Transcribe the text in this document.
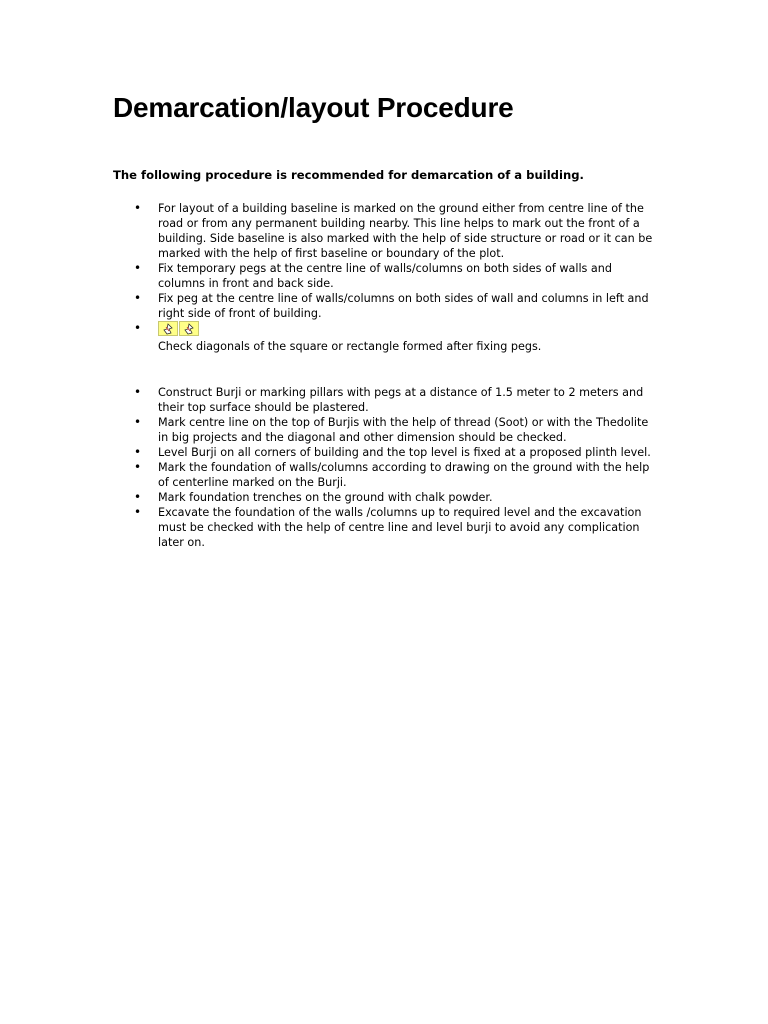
Demarcation/layout Procedure

The following procedure is recommended for demarcation of a building.

• For layout of a building baseline is marked on the ground either from centre line of the road or from any permanent building nearby. This line helps to mark out the front of a building. Side baseline is also marked with the help of side structure or road or it can be marked with the help of first baseline or boundary of the plot.
• Fix temporary pegs at the centre line of walls/columns on both sides of walls and columns in front and back side.
• Fix peg at the centre line of walls/columns on both sides of wall and columns in left and right side of front of building.
•
Check diagonals of the square or rectangle formed after fixing pegs.
• Construct Burji or marking pillars with pegs at a distance of 1.5 meter to 2 meters and their top surface should be plastered.
• Mark centre line on the top of Burjis with the help of thread (Soot) or with the Thedolite in big projects and the diagonal and other dimension should be checked.
• Level Burji on all corners of building and the top level is fixed at a proposed plinth level.
• Mark the foundation of walls/columns according to drawing on the ground with the help of centerline marked on the Burji.
• Mark foundation trenches on the ground with chalk powder.
• Excavate the foundation of the walls /columns up to required level and the excavation must be checked with the help of centre line and level burji to avoid any complication later on.
